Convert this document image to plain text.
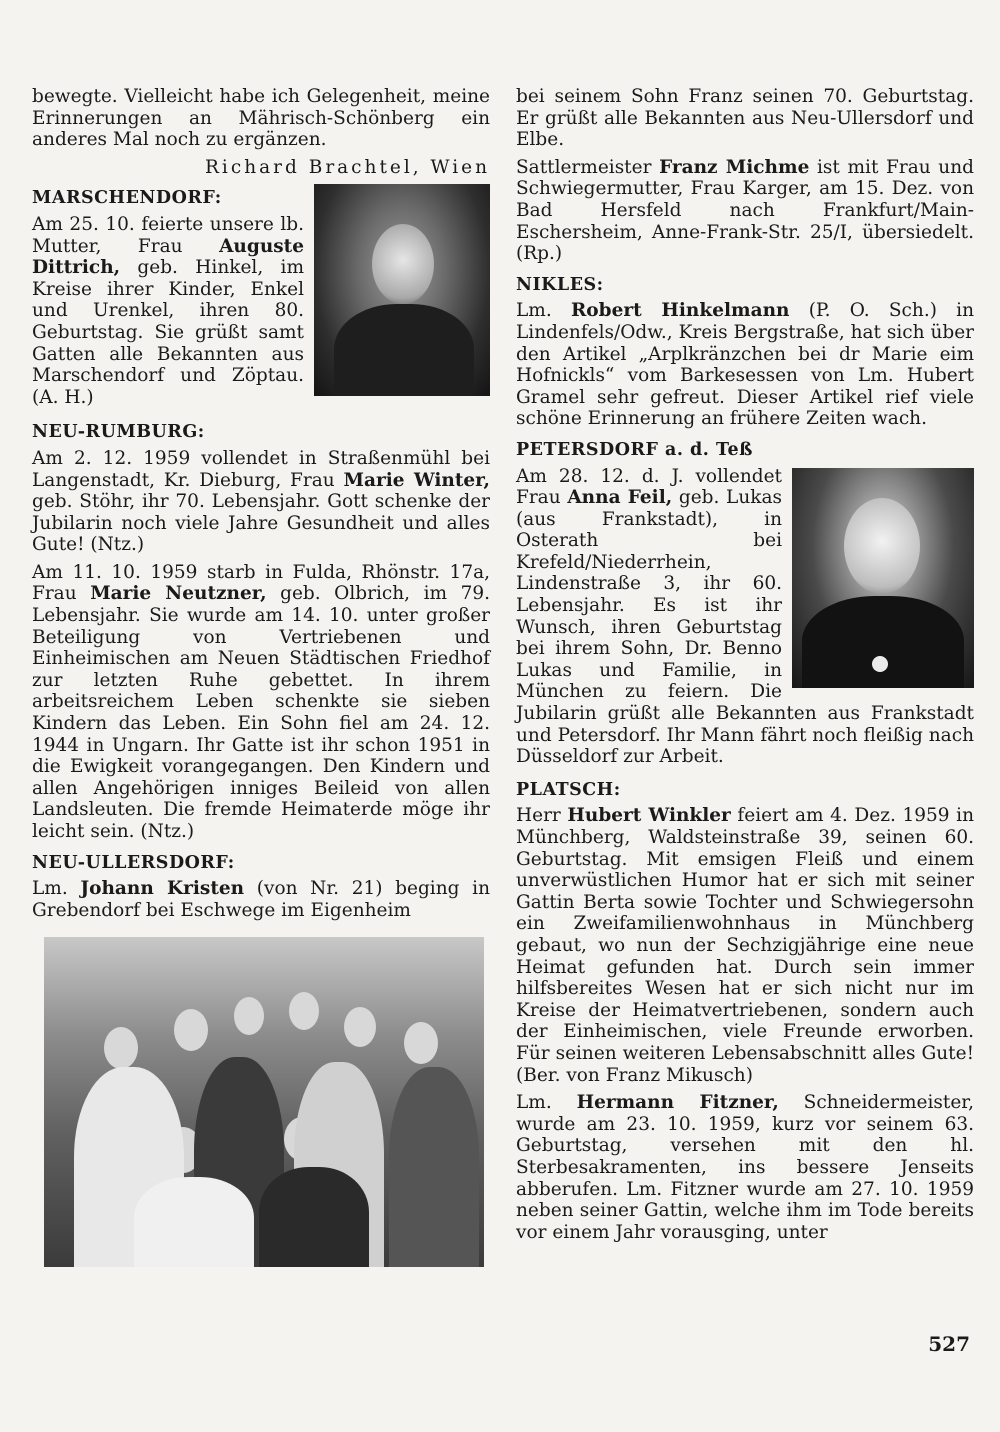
bewegte. Vielleicht habe ich Gelegenheit, meine Erinnerungen an Mährisch-Schönberg ein anderes Mal noch zu ergänzen.

Richard Brachtel, Wien

MARSCHENDORF:

Am 25. 10. feierte unsere lb. Mutter, Frau Auguste Dittrich, geb. Hinkel, im Kreise ihrer Kinder, Enkel und Urenkel, ihren 80. Geburtstag. Sie grüßt samt Gatten alle Bekannten aus Marschendorf und Zöptau. (A. H.)

NEU-RUMBURG:

Am 2. 12. 1959 vollendet in Straßenmühl bei Langenstadt, Kr. Dieburg, Frau Marie Winter, geb. Stöhr, ihr 70. Lebensjahr. Gott schenke der Jubilarin noch viele Jahre Gesundheit und alles Gute! (Ntz.)

Am 11. 10. 1959 starb in Fulda, Rhönstr. 17a, Frau Marie Neutzner, geb. Olbrich, im 79. Lebensjahr. Sie wurde am 14. 10. unter großer Beteiligung von Vertriebenen und Einheimischen am Neuen Städtischen Friedhof zur letzten Ruhe gebettet. In ihrem arbeitsreichem Leben schenkte sie sieben Kindern das Leben. Ein Sohn fiel am 24. 12. 1944 in Ungarn. Ihr Gatte ist ihr schon 1951 in die Ewigkeit vorangegangen. Den Kindern und allen Angehörigen inniges Beileid von allen Landsleuten. Die fremde Heimaterde möge ihr leicht sein. (Ntz.)

NEU-ULLERSDORF:

Lm. Johann Kristen (von Nr. 21) beging in Grebendorf bei Eschwege im Eigenheim

bei seinem Sohn Franz seinen 70. Geburtstag. Er grüßt alle Bekannten aus Neu-Ullersdorf und Elbe.

Sattlermeister Franz Michme ist mit Frau und Schwiegermutter, Frau Karger, am 15. Dez. von Bad Hersfeld nach Frankfurt/Main-Eschersheim, Anne-Frank-Str. 25/I, übersiedelt. (Rp.)

NIKLES:

Lm. Robert Hinkelmann (P. O. Sch.) in Lindenfels/Odw., Kreis Bergstraße, hat sich über den Artikel „Arplkränzchen bei dr Marie eim Hofnickls“ vom Barkesessen von Lm. Hubert Gramel sehr gefreut. Dieser Artikel rief viele schöne Erinnerung an frühere Zeiten wach.

PETERSDORF a. d. Teß

Am 28. 12. d. J. vollendet Frau Anna Feil, geb. Lukas (aus Frankstadt), in Osterath bei Krefeld/Niederrhein, Lindenstraße 3, ihr 60. Lebensjahr. Es ist ihr Wunsch, ihren Geburtstag bei ihrem Sohn, Dr. Benno Lukas und Familie, in München zu feiern. Die Jubilarin grüßt alle Bekannten aus Frankstadt und Petersdorf. Ihr Mann fährt noch fleißig nach Düsseldorf zur Arbeit.

PLATSCH:

Herr Hubert Winkler feiert am 4. Dez. 1959 in Münchberg, Waldsteinstraße 39, seinen 60. Geburtstag. Mit emsigen Fleiß und einem unverwüstlichen Humor hat er sich mit seiner Gattin Berta sowie Tochter und Schwiegersohn ein Zweifamilienwohnhaus in Münchberg gebaut, wo nun der Sechzigjährige eine neue Heimat gefunden hat. Durch sein immer hilfsbereites Wesen hat er sich nicht nur im Kreise der Heimatvertriebenen, sondern auch der Einheimischen, viele Freunde erworben. Für seinen weiteren Lebensabschnitt alles Gute! (Ber. von Franz Mikusch)

Lm. Hermann Fitzner, Schneidermeister, wurde am 23. 10. 1959, kurz vor seinem 63. Geburtstag, versehen mit den hl. Sterbesakramenten, ins bessere Jenseits abberufen. Lm. Fitzner wurde am 27. 10. 1959 neben seiner Gattin, welche ihm im Tode bereits vor einem Jahr vorausging, unter

527
